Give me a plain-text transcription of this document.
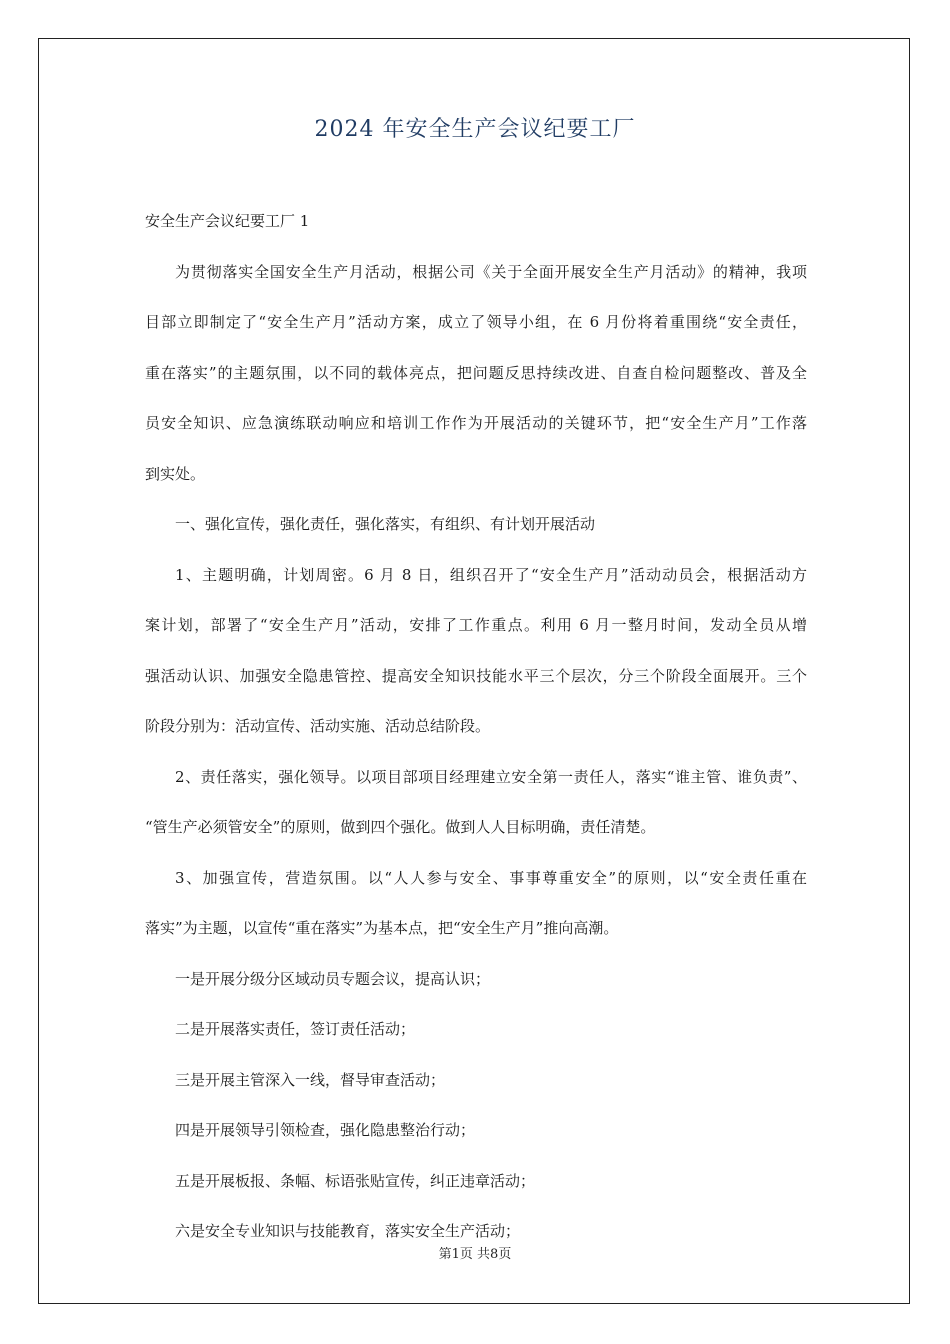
2024 年安全生产会议纪要工厂

安全生产会议纪要工厂 1

为贯彻落实全国安全生产月活动，根据公司《关于全面开展安全生产月活动》的精神，我项

目部立即制定了“安全生产月”活动方案，成立了领导小组，在 6 月份将着重围绕“安全责任，

重在落实”的主题氛围，以不同的载体亮点，把问题反思持续改进、自查自检问题整改、普及全

员安全知识、应急演练联动响应和培训工作作为开展活动的关键环节，把“安全生产月”工作落

到实处。

一、强化宣传，强化责任，强化落实，有组织、有计划开展活动

1、主题明确，计划周密。6 月 8 日，组织召开了“安全生产月”活动动员会，根据活动方

案计划，部署了“安全生产月”活动，安排了工作重点。利用 6 月一整月时间，发动全员从增

强活动认识、加强安全隐患管控、提高安全知识技能水平三个层次，分三个阶段全面展开。三个

阶段分别为：活动宣传、活动实施、活动总结阶段。

2、责任落实，强化领导。以项目部项目经理建立安全第一责任人，落实“谁主管、谁负责”、

“管生产必须管安全”的原则，做到四个强化。做到人人目标明确，责任清楚。

3、加强宣传，营造氛围。以“人人参与安全、事事尊重安全”的原则，以“安全责任重在

落实”为主题，以宣传“重在落实”为基本点，把“安全生产月”推向高潮。

一是开展分级分区域动员专题会议，提高认识；

二是开展落实责任，签订责任活动；

三是开展主管深入一线，督导审查活动；

四是开展领导引领检查，强化隐患整治行动；

五是开展板报、条幅、标语张贴宣传，纠正违章活动；

六是安全专业知识与技能教育，落实安全生产活动；

第1页 共8页
